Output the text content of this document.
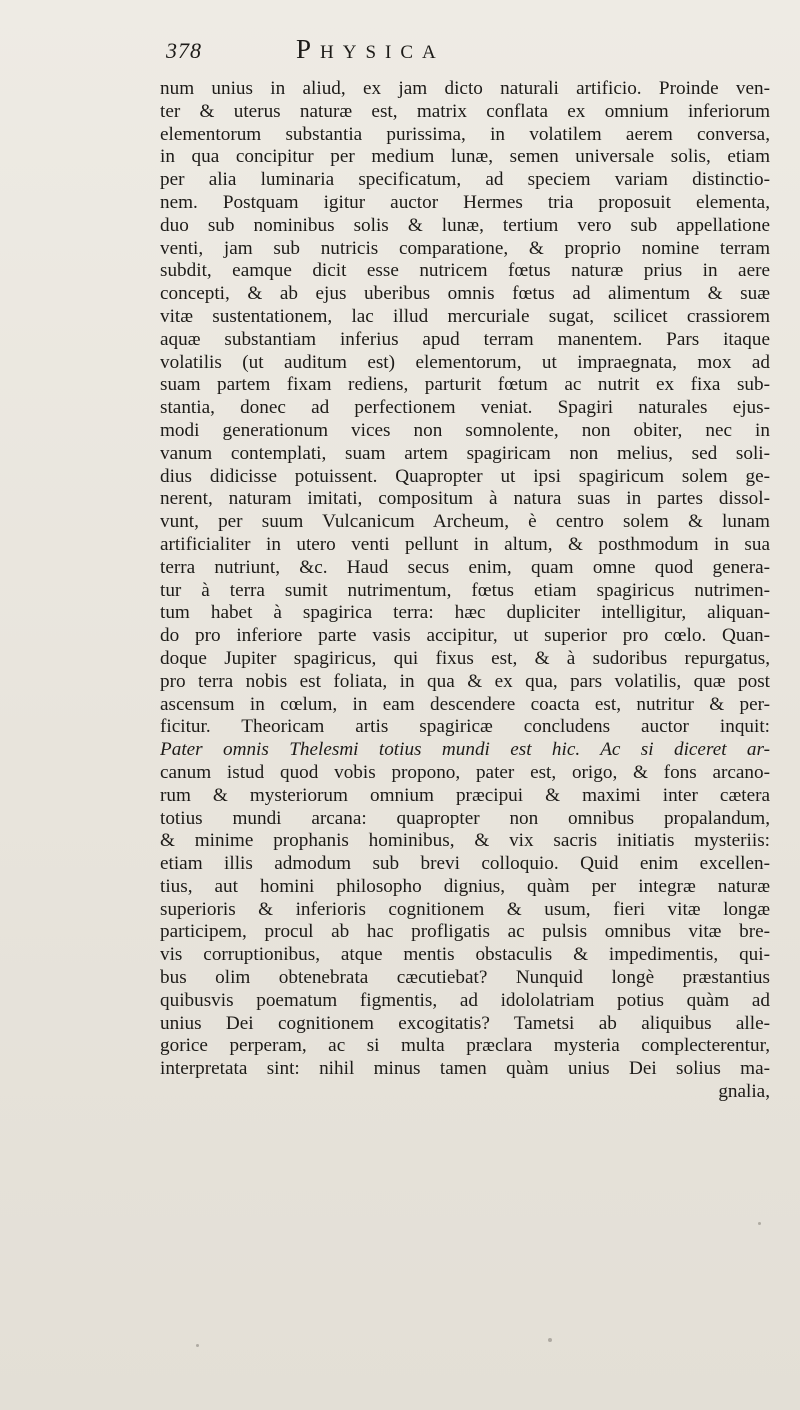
378	Physica
num unius in aliud, ex jam dicto naturali artificio. Proinde ven-
ter & uterus naturæ est, matrix conflata ex omnium inferiorum
elementorum substantia purissima, in volatilem aerem conversa,
in qua concipitur per medium lunæ, semen universale solis, etiam
per alia luminaria specificatum, ad speciem variam distinctio-
nem. Postquam igitur auctor Hermes tria proposuit elementa,
duo sub nominibus solis & lunæ, tertium vero sub appellatione
venti, jam sub nutricis comparatione, & proprio nomine terram
subdit, eamque dicit esse nutricem fœtus naturæ prius in aere
concepti, & ab ejus uberibus omnis fœtus ad alimentum & suæ
vitæ sustentationem, lac illud mercuriale sugat, scilicet crassiorem
aquæ substantiam inferius apud terram manentem. Pars itaque
volatilis (ut auditum est) elementorum, ut impraegnata, mox ad
suam partem fixam rediens, parturit fœtum ac nutrit ex fixa sub-
stantia, donec ad perfectionem veniat. Spagiri naturales ejus-
modi generationum vices non somnolente, non obiter, nec in
vanum contemplati, suam artem spagiricam non melius, sed soli-
dius didicisse potuissent. Quapropter ut ipsi spagiricum solem ge-
nerent, naturam imitati, compositum à natura suas in partes dissol-
vunt, per suum Vulcanicum Archeum, è centro solem & lunam
artificialiter in utero venti pellunt in altum, & posthmodum in sua
terra nutriunt, &c. Haud secus enim, quam omne quod genera-
tur à terra sumit nutrimentum, fœtus etiam spagiricus nutrimen-
tum habet à spagirica terra: hæc dupliciter intelligitur, aliquan-
do pro inferiore parte vasis accipitur, ut superior pro cœlo. Quan-
doque Jupiter spagiricus, qui fixus est, & à sudoribus repurgatus,
pro terra nobis est foliata, in qua & ex qua, pars volatilis, quæ post
ascensum in cœlum, in eam descendere coacta est, nutritur & per-
ficitur. Theoricam artis spagiricæ concludens auctor inquit:
Pater omnis Thelesmi totius mundi est hic. Ac si diceret ar-
canum istud quod vobis propono, pater est, origo, & fons arcano-
rum & mysteriorum omnium præcipui & maximi inter cætera
totius mundi arcana: quapropter non omnibus propalandum,
& minime prophanis hominibus, & vix sacris initiatis mysteriis:
etiam illis admodum sub brevi colloquio. Quid enim excellen-
tius, aut homini philosopho dignius, quàm per integræ naturæ
superioris & inferioris cognitionem & usum, fieri vitæ longæ
participem, procul ab hac profligatis ac pulsis omnibus vitæ bre-
vis corruptionibus, atque mentis obstaculis & impedimentis, qui-
bus olim obtenebrata cæcutiebat? Nunquid longè præstantius
quibusvis poematum figmentis, ad idololatriam potius quàm ad
unius Dei cognitionem excogitatis? Tametsi ab aliquibus alle-
gorice perperam, ac si multa præclara mysteria complecterentur,
interpretata sint: nihil minus tamen quàm unius Dei solius ma-
gnalia,
